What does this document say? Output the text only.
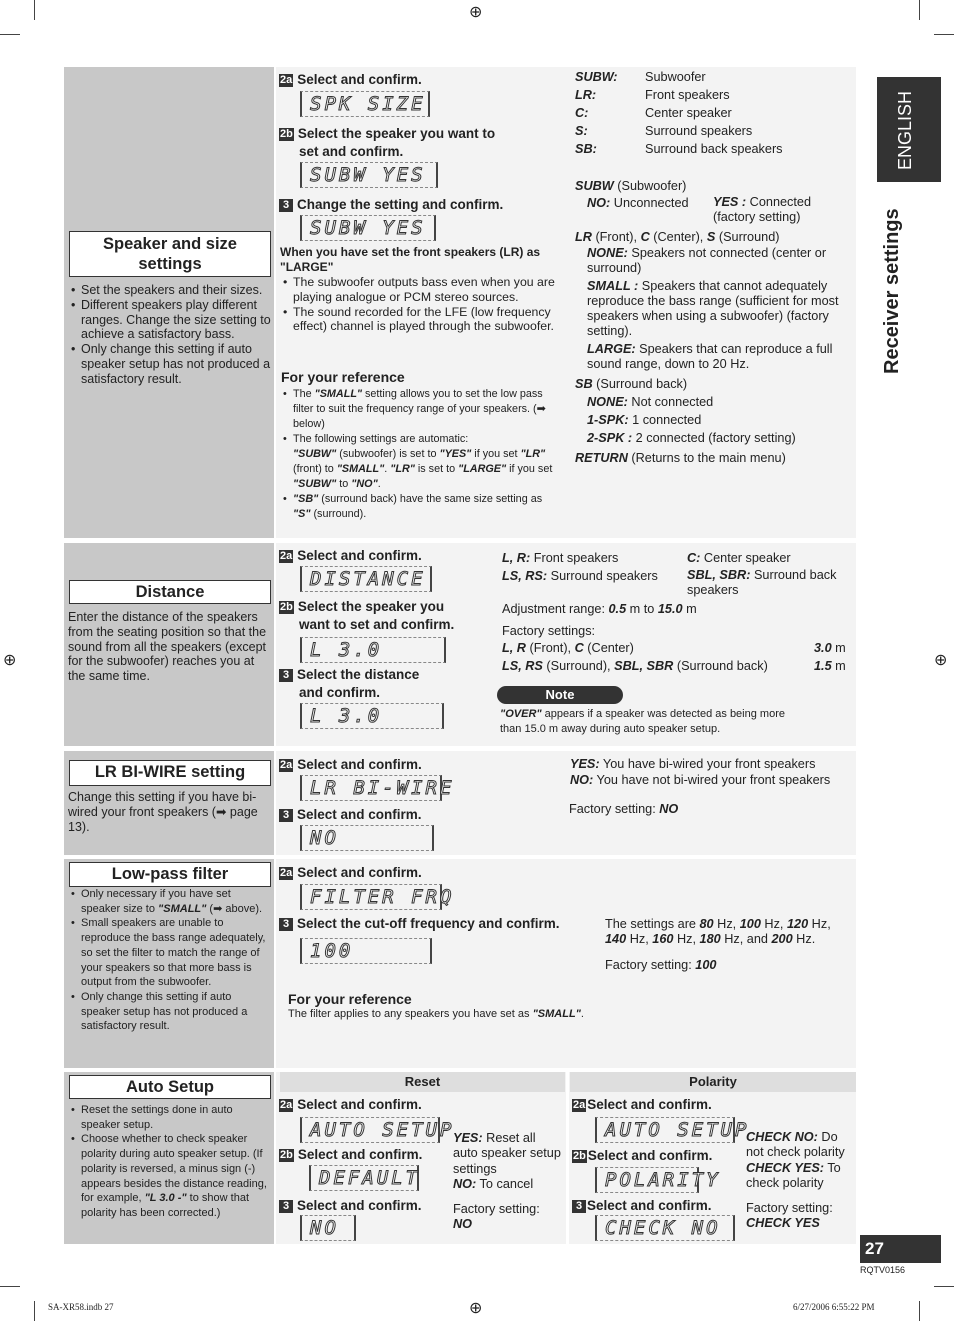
⊕
⊕	⊕
⊕
ENGLISH
Receiver settings
27
RQTV0156
SA-XR58.indb 27	6/27/2006 6:55:22 PM
Speaker and size settings
• Set the speakers and their sizes.
• Different speakers play different ranges. Change the size setting to achieve a satisfactory bass.
• Only change this setting if auto speaker setup has not produced a satisfactory result.
2a Select and confirm.
SPK SIZE
2b Select the speaker you want to
set and confirm.
SUBW YES
3 Change the setting and confirm.
SUBW YES
When you have set the front speakers (LR) as "LARGE"
• The subwoofer outputs bass even when you are playing analogue or PCM stereo sources.
• The sound recorded for the LFE (low frequency effect) channel is played through the subwoofer.
For your reference
• The "SMALL" setting allows you to set the low pass filter to suit the frequency range of your speakers. (➡ below)
• The following settings are automatic:
"SUBW" (subwoofer) is set to "YES" if you set "LR" (front) to "SMALL". "LR" is set to "LARGE" if you set "SUBW" to "NO".
• "SB" (surround back) have the same size setting as "S" (surround).
SUBW: Subwoofer
LR:	Front speakers
C:	Center speaker
S:	Surround speakers
SB:	Surround back speakers
SUBW (Subwoofer)
NO: Unconnected YES : Connected
(factory setting)
LR (Front), C (Center), S (Surround)
NONE: Speakers not connected (center or surround)
SMALL : Speakers that cannot adequately reproduce the bass range (sufficient for most speakers when using a subwoofer) (factory setting).
LARGE: Speakers that can reproduce a full sound range, down to 20 Hz.
SB (Surround back)
NONE: Not connected
1-SPK: 1 connected
2-SPK : 2 connected (factory setting)
RETURN (Returns to the main menu)
Distance
Enter the distance of the speakers from the seating position so that the sound from all the speakers (except for the subwoofer) reaches you at the same time.
2a Select and confirm.
DISTANCE
2b Select the speaker you
want to set and confirm.
L 3.0
3 Select the distance
and confirm.
L 3.0
L, R: Front speakers	C: Center speaker
LS, RS: Surround speakers SBL, SBR: Surround back speakers
Adjustment range: 0.5 m to 15.0 m
Factory settings:
L, R (Front), C (Center)	3.0 m
LS, RS (Surround), SBL, SBR (Surround back)	1.5 m
Note
"OVER" appears if a speaker was detected as being more than 15.0 m away during auto speaker setup.
LR BI-WIRE setting
Change this setting if you have bi-wired your front speakers (➡ page 13).
2a Select and confirm.
LR BI-WIRE
3 Select and confirm.
NO
YES: You have bi-wired your front speakers
NO: You have not bi-wired your front speakers
Factory setting: NO
Low-pass filter
• Only necessary if you have set speaker size to "SMALL" (➡ above).
• Small speakers are unable to reproduce the bass range adequately, so set the filter to match the range of your speakers so that more bass is output from the subwoofer.
• Only change this setting if auto speaker setup has not produced a satisfactory result.
2a Select and confirm.
FILTER FRQ
3 Select the cut-off frequency and confirm.
100
The settings are 80 Hz, 100 Hz, 120 Hz, 140 Hz, 160 Hz, 180 Hz, and 200 Hz.
Factory setting: 100
For your reference
The filter applies to any speakers you have set as "SMALL".
Auto Setup
• Reset the settings done in auto speaker setup.
• Choose whether to check speaker polarity during auto speaker setup. (If polarity is reversed, a minus sign (-) appears besides the distance reading, for example, "L 3.0 -" to show that polarity has been corrected.)
Reset
2a Select and confirm.
AUTO SETUP
2b Select and confirm.
DEFAULT
3 Select and confirm.
NO
YES: Reset all auto speaker setup settings
NO: To cancel
Factory setting:
NO
Polarity
2a Select and confirm.
AUTO SETUP
2b Select and confirm.
POLARITY
3 Select and confirm.
CHECK NO
CHECK NO: Do not check polarity
CHECK YES: To check polarity
Factory setting:
CHECK YES
